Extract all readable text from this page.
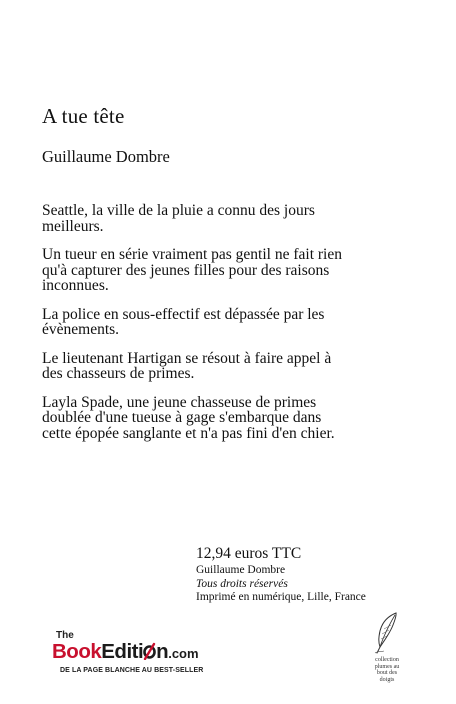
A tue tête

Guillaume Dombre

Seattle, la ville de la pluie a connu des jours meilleurs.

Un tueur en série vraiment pas gentil ne fait rien qu'à capturer des jeunes filles pour des raisons inconnues.

La police en sous-effectif est dépassée par les évènements.

Le lieutenant Hartigan se résout à faire appel à des chasseurs de primes.

Layla Spade, une jeune chasseuse de primes doublée d'une tueuse à gage s'embarque dans cette épopée sanglante et n'a pas fini d'en chier.

12,94 euros TTC

Guillaume Dombre

Tous droits réservés

Imprimé en numérique, Lille, France

The
BookEditi n.com
DE LA PAGE BLANCHE AU BEST-SELLER
collection
plumes au
bout des
doigts
